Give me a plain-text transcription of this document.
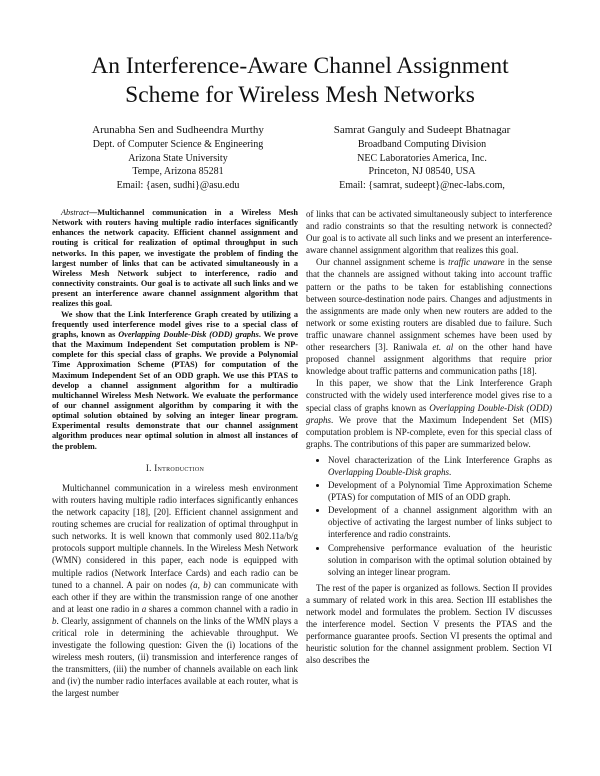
An Interference-Aware Channel Assignment
Scheme for Wireless Mesh Networks
Arunabha Sen and Sudheendra Murthy
Dept. of Computer Science & Engineering
Arizona State University
Tempe, Arizona 85281
Email: {asen, sudhi}@asu.edu
Samrat Ganguly and Sudeept Bhatnagar
Broadband Computing Division
NEC Laboratories America, Inc.
Princeton, NJ 08540, USA
Email: {samrat, sudeept}@nec-labs.com,

Abstract—Multichannel communication in a Wireless Mesh Network with routers having multiple radio interfaces significantly enhances the network capacity. Efficient channel assignment and routing is critical for realization of optimal throughput in such networks. In this paper, we investigate the problem of finding the largest number of links that can be activated simultaneously in a Wireless Mesh Network subject to interference, radio and connectivity constraints. Our goal is to activate all such links and we present an interference aware channel assignment algorithm that realizes this goal.

We show that the Link Interference Graph created by utilizing a frequently used interference model gives rise to a special class of graphs, known as Overlapping Double-Disk (ODD) graphs. We prove that the Maximum Independent Set computation problem is NP-complete for this special class of graphs. We provide a Polynomial Time Approximation Scheme (PTAS) for computation of the Maximum Independent Set of an ODD graph. We use this PTAS to develop a channel assignment algorithm for a multiradio multichannel Wireless Mesh Network. We evaluate the performance of our channel assignment algorithm by comparing it with the optimal solution obtained by solving an integer linear program. Experimental results demonstrate that our channel assignment algorithm produces near optimal solution in almost all instances of the problem.

I. Introduction

Multichannel communication in a wireless mesh environment with routers having multiple radio interfaces significantly enhances the network capacity [18], [20]. Efficient channel assignment and routing schemes are crucial for realization of optimal throughput in such networks. It is well known that commonly used 802.11a/b/g protocols support multiple channels. In the Wireless Mesh Network (WMN) considered in this paper, each node is equipped with multiple radios (Network Interface Cards) and each radio can be tuned to a channel. A pair on nodes (a, b) can communicate with each other if they are within the transmission range of one another and at least one radio in a shares a common channel with a radio in b. Clearly, assignment of channels on the links of the WMN plays a critical role in determining the achievable throughput. We investigate the following question: Given the (i) locations of the wireless mesh routers, (ii) transmission and interference ranges of the transmitters, (iii) the number of channels available on each link and (iv) the number radio interfaces available at each router, what is the largest number

of links that can be activated simultaneously subject to interference and radio constraints so that the resulting network is connected? Our goal is to activate all such links and we present an interference-aware channel assignment algorithm that realizes this goal.

Our channel assignment scheme is traffic unaware in the sense that the channels are assigned without taking into account traffic pattern or the paths to be taken for establishing connections between source-destination node pairs. Changes and adjustments in the assignments are made only when new routers are added to the network or some existing routers are disabled due to failure. Such traffic unaware channel assignment schemes have been used by other researchers [3]. Raniwala et. al on the other hand have proposed channel assignment algorithms that require prior knowledge about traffic patterns and communication paths [18].

In this paper, we show that the Link Interference Graph constructed with the widely used interference model gives rise to a special class of graphs known as Overlapping Double-Disk (ODD) graphs. We prove that the Maximum Independent Set (MIS) computation problem is NP-complete, even for this special class of graphs. The contributions of this paper are summarized below.

• Novel characterization of the Link Interference Graphs as Overlapping Double-Disk graphs.
• Development of a Polynomial Time Approximation Scheme (PTAS) for computation of MIS of an ODD graph.
• Development of a channel assignment algorithm with an objective of activating the largest number of links subject to interference and radio constraints.
• Comprehensive performance evaluation of the heuristic solution in comparison with the optimal solution obtained by solving an integer linear program.

The rest of the paper is organized as follows. Section II provides a summary of related work in this area. Section III establishes the network model and formulates the problem. Section IV discusses the interference model. Section V presents the PTAS and the performance guarantee proofs. Section VI presents the optimal and heuristic solution for the channel assignment problem. Section VI also describes the
